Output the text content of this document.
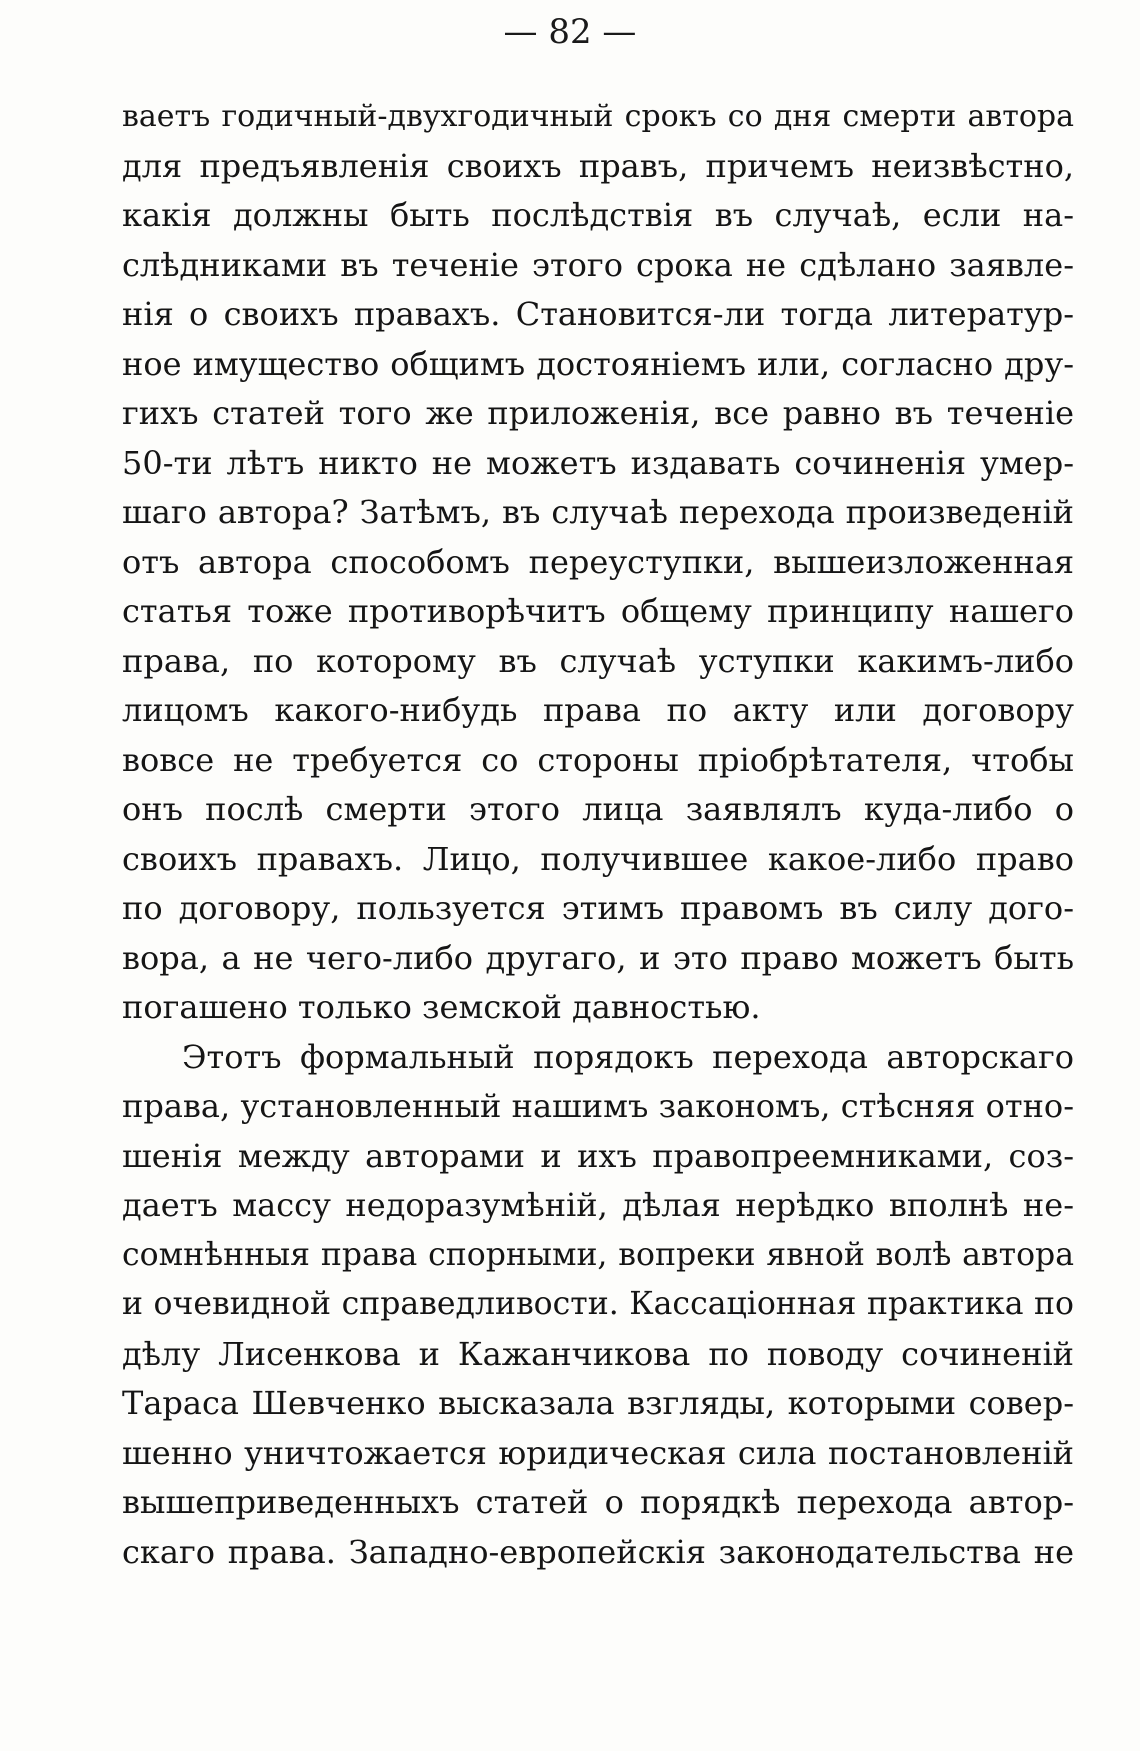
— 82 —
ваетъ годичный-двухгодичный срокъ со дня смерти автора
для предъявленія своихъ правъ, причемъ неизвѣстно,
какія должны быть послѣдствія въ случаѣ, если на-
слѣдниками въ теченіе этого срока не сдѣлано заявле-
нія о своихъ правахъ. Становится-ли тогда литератур-
ное имущество общимъ достояніемъ или, согласно дру-
гихъ статей того же приложенія, все равно въ теченіе
50-ти лѣтъ никто не можетъ издавать сочиненія умер-
шаго автора? Затѣмъ, въ случаѣ перехода произведеній
отъ автора способомъ переуступки, вышеизложенная
статья тоже противорѣчитъ общему принципу нашего
права, по которому въ случаѣ уступки какимъ-либо
лицомъ какого-нибудь права по акту или договору
вовсе не требуется со стороны пріобрѣтателя, чтобы
онъ послѣ смерти этого лица заявлялъ куда-либо о
своихъ правахъ. Лицо, получившее какое-либо право
по договору, пользуется этимъ правомъ въ силу дого-
вора, а не чего-либо другаго, и это право можетъ быть
погашено только земской давностью.
Этотъ формальный порядокъ перехода авторскаго
права, установленный нашимъ закономъ, стѣсняя отно-
шенія между авторами и ихъ правопреемниками, соз-
даетъ массу недоразумѣній, дѣлая нерѣдко вполнѣ не-
сомнѣнныя права спорными, вопреки явной волѣ автора
и очевидной справедливости. Кассаціонная практика по
дѣлу Лисенкова и Кажанчикова по поводу сочиненій
Тараса Шевченко высказала взгляды, которыми совер-
шенно уничтожается юридическая сила постановленій
вышеприведенныхъ статей о порядкѣ перехода автор-
скаго права. Западно-европейскія законодательства не
